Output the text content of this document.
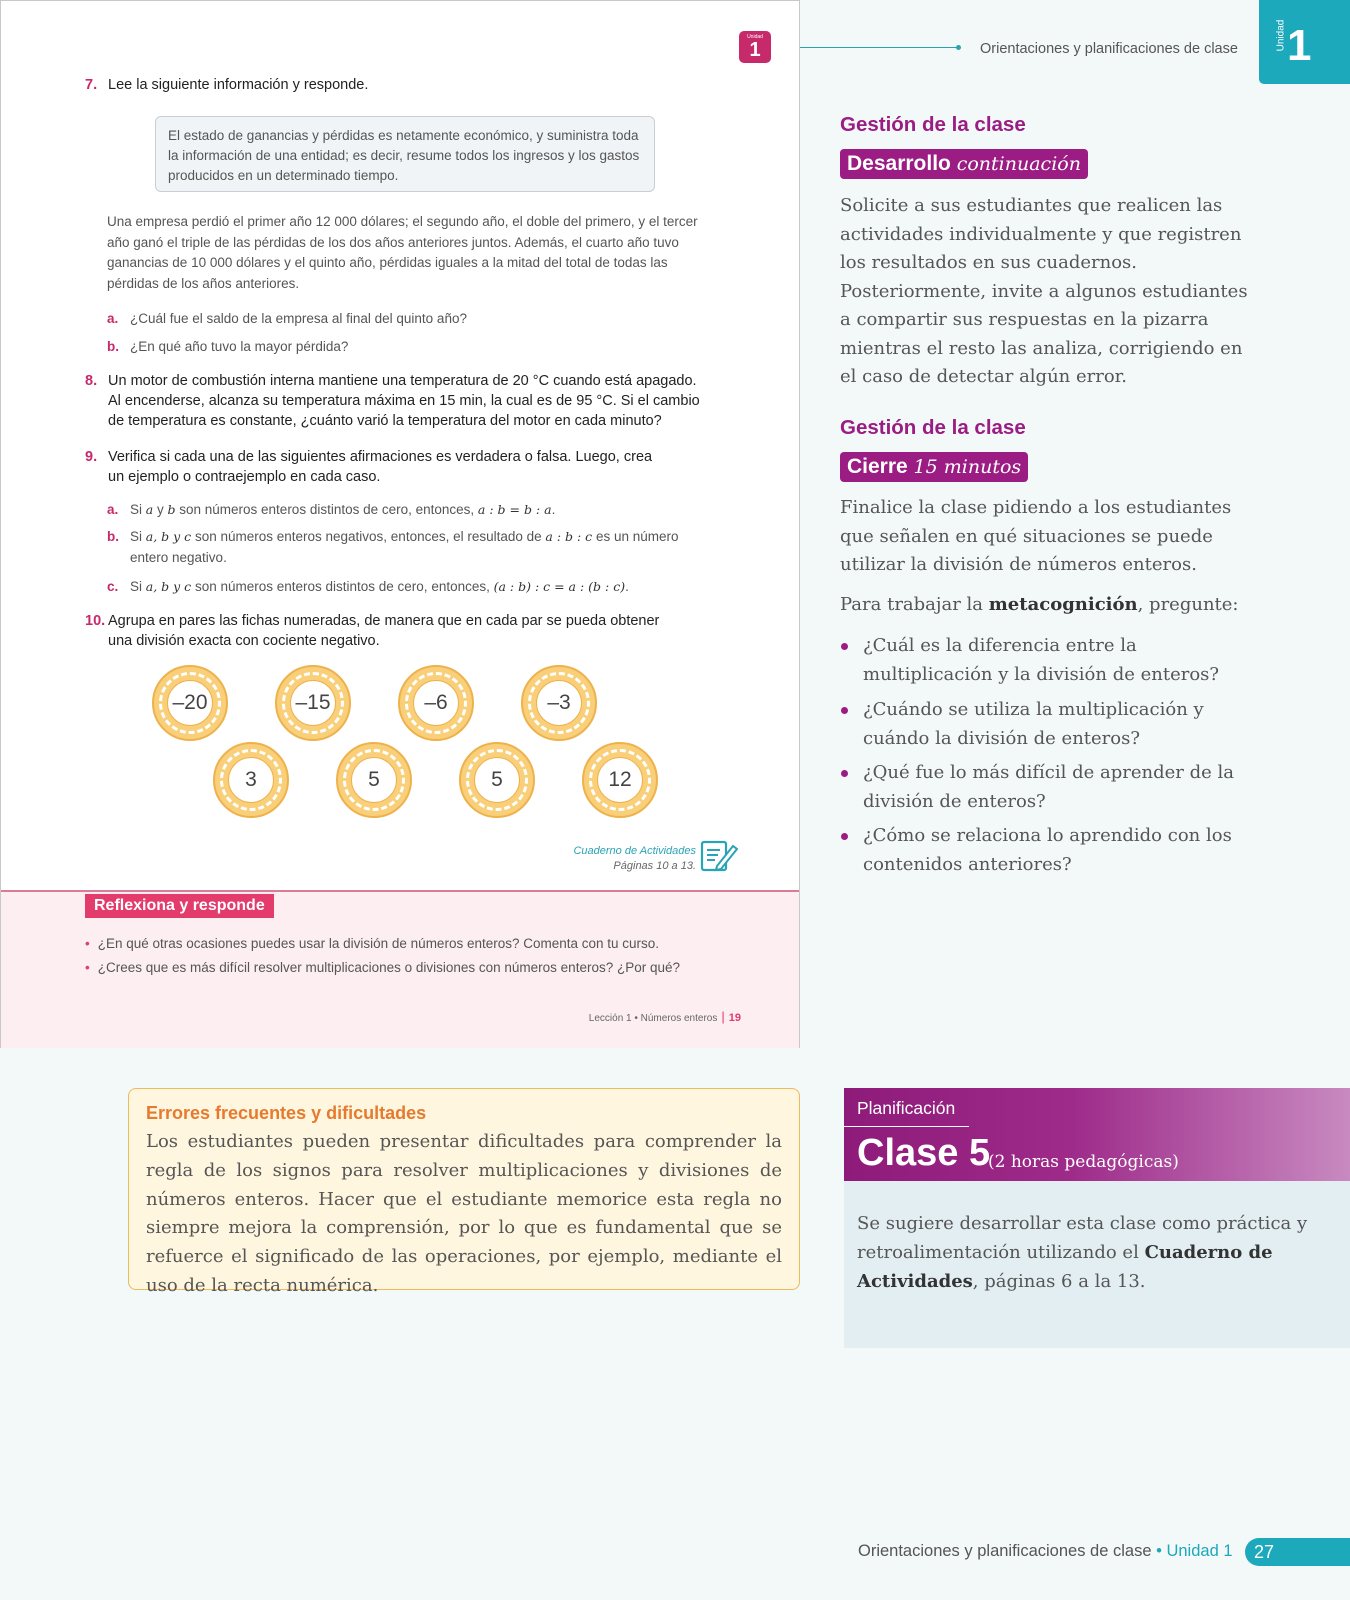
Unidad
1
7. Lee la siguiente información y responde.
El estado de ganancias y pérdidas es netamente económico, y suministra toda la información de una entidad; es decir, resume todos los ingresos y los gastos producidos en un determinado tiempo.
Una empresa perdió el primer año 12 000 dólares; el segundo año, el doble del primero, y el tercer año ganó el triple de las pérdidas de los dos años anteriores juntos. Además, el cuarto año tuvo ganancias de 10 000 dólares y el quinto año, pérdidas iguales a la mitad del total de todas las pérdidas de los años anteriores.
a. ¿Cuál fue el saldo de la empresa al final del quinto año?
b. ¿En qué año tuvo la mayor pérdida?
8. Un motor de combustión interna mantiene una temperatura de 20 °C cuando está apagado.
Al encenderse, alcanza su temperatura máxima en 15 min, la cual es de 95 °C. Si el cambio
de temperatura es constante, ¿cuánto varió la temperatura del motor en cada minuto?
9. Verifica si cada una de las siguientes afirmaciones es verdadera o falsa. Luego, crea
un ejemplo o contraejemplo en cada caso.
a. Si a y b son números enteros distintos de cero, entonces, a : b = b : a.
b. Si a, b y c son números enteros negativos, entonces, el resultado de a : b : c es un número
entero negativo.
c. Si a, b y c son números enteros distintos de cero, entonces, (a : b) : c = a : (b : c).
10. Agrupa en pares las fichas numeradas, de manera que en cada par se pueda obtener
una división exacta con cociente negativo.
–20	–15	–6	–3
3	5	5	12
Cuaderno de Actividades
Páginas 10 a 13.
Reflexiona y responde
• ¿En qué otras ocasiones puedes usar la división de números enteros? Comenta con tu curso.
• ¿Crees que es más difícil resolver multiplicaciones o divisiones con números enteros? ¿Por qué?
Lección 1 • Números enteros | 19
Orientaciones y planificaciones de clase	Unidad 1
Gestión de la clase
Desarrollo continuación
Solicite a sus estudiantes que realicen las actividades individualmente y que registren los resultados en sus cuadernos. Posteriormente, invite a algunos estudiantes a compartir sus respuestas en la pizarra mientras el resto las analiza, corrigiendo en el caso de detectar algún error.
Gestión de la clase
Cierre 15 minutos
Finalice la clase pidiendo a los estudiantes que señalen en qué situaciones se puede utilizar la división de números enteros.
Para trabajar la metacognición, pregunte:
¿Cuál es la diferencia entre la multiplicación y la división de enteros?
¿Cuándo se utiliza la multiplicación y cuándo la división de enteros?
¿Qué fue lo más difícil de aprender de la división de enteros?
¿Cómo se relaciona lo aprendido con los contenidos anteriores?
Errores frecuentes y dificultades
Los estudiantes pueden presentar dificultades para comprender la regla de los signos para resolver multiplicaciones y divisiones de números enteros. Hacer que el estudiante memorice esta regla no siempre mejora la comprensión, por lo que es fundamental que se refuerce el significado de las operaciones, por ejemplo, mediante el uso de la recta numérica.
Planificación
Clase 5
(2 horas pedagógicas)
Se sugiere desarrollar esta clase como práctica y retroalimentación utilizando el Cuaderno de Actividades, páginas 6 a la 13.
Orientaciones y planificaciones de clase • Unidad 1	27
